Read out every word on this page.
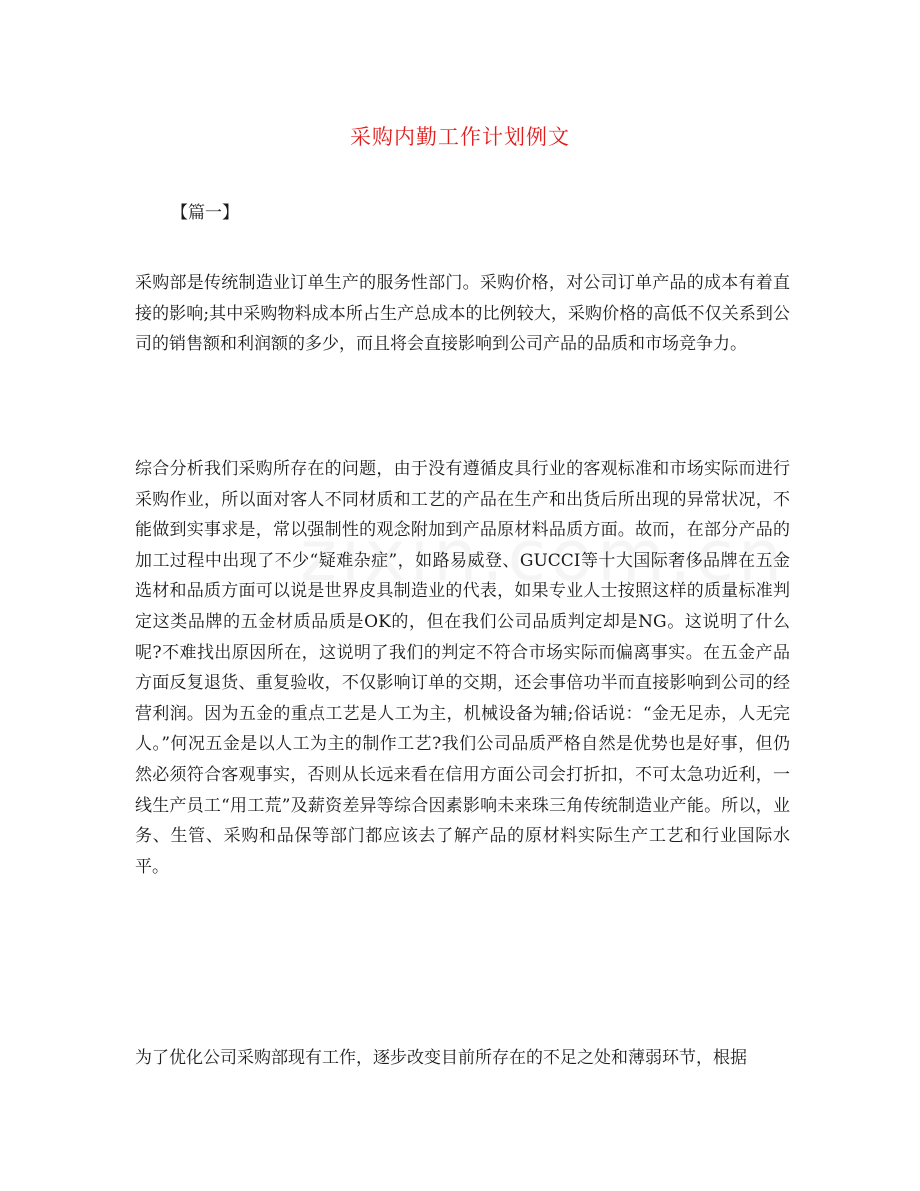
采购内勤工作计划例文
【篇一】

采购部是传统制造业订单生产的服务性部门。采购价格，对公司订单产品的成本有着直接的影响;其中采购物料成本所占生产总成本的比例较大，采购价格的高低不仅关系到公司的销售额和利润额的多少，而且将会直接影响到公司产品的品质和市场竞争力。

综合分析我们采购所存在的问题，由于没有遵循皮具行业的客观标准和市场实际而进行采购作业，所以面对客人不同材质和工艺的产品在生产和出货后所出现的异常状况，不能做到实事求是，常以强制性的观念附加到产品原材料品质方面。故而，在部分产品的加工过程中出现了不少“疑难杂症”，如路易威登、GUCCI等十大国际奢侈品牌在五金选材和品质方面可以说是世界皮具制造业的代表，如果专业人士按照这样的质量标准判定这类品牌的五金材质品质是OK的，但在我们公司品质判定却是NG。这说明了什么呢?不难找出原因所在，这说明了我们的判定不符合市场实际而偏离事实。在五金产品方面反复退货、重复验收，不仅影响订单的交期，还会事倍功半而直接影响到公司的经营利润。因为五金的重点工艺是人工为主，机械设备为辅;俗话说：“金无足赤，人无完人。”何况五金是以人工为主的制作工艺?我们公司品质严格自然是优势也是好事，但仍然必须符合客观事实，否则从长远来看在信用方面公司会打折扣，不可太急功近利，一线生产员工“用工荒”及薪资差异等综合因素影响未来珠三角传统制造业产能。所以，业务、生管、采购和品保等部门都应该去了解产品的原材料实际生产工艺和行业国际水平。

为了优化公司采购部现有工作，逐步改变目前所存在的不足之处和薄弱环节，根据
